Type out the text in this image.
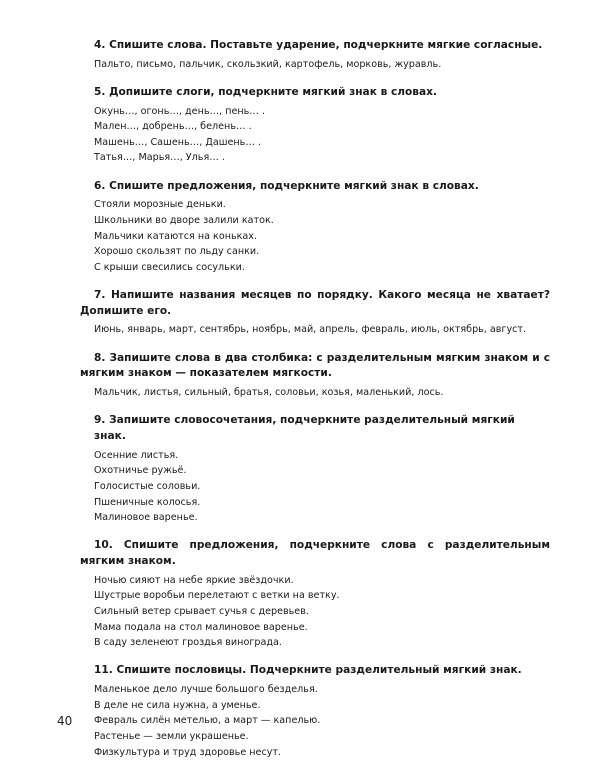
4. Спишите слова. Поставьте ударение, подчеркните мягкие согласные.
Пальто, письмо, пальчик, скользкий, картофель, морковь, журавль.
5. Допишите слоги, подчеркните мягкий знак в словах.
Окунь…, огонь…, день…, пень… .
Мален…, добрень…, белень… .
Машень…, Сашень…, Дашень… .
Татья…, Марья…, Улья… .
6. Спишите предложения, подчеркните мягкий знак в словах.
Стояли морозные деньки.
Школьники во дворе залили каток.
Мальчики катаются на коньках.
Хорошо скользят по льду санки.
С крыши свесились сосульки.
7. Напишите названия месяцев по порядку. Какого месяца не хватает? Допишите его.
Июнь, январь, март, сентябрь, ноябрь, май, апрель, февраль, июль, октябрь, август.
8. Запишите слова в два столбика: с разделительным мягким знаком и с мягким знаком — показателем мягкости.
Мальчик, листья, сильный, братья, соловьи, козья, маленький, лось.
9. Запишите словосочетания, подчеркните разделительный мягкий знак.
Осенние листья.
Охотничье ружьё.
Голосистые соловьи.
Пшеничные колосья.
Малиновое варенье.
10. Спишите предложения, подчеркните слова с разделительным мягким знаком.
Ночью сияют на небе яркие звёздочки.
Шустрые воробьи перелетают с ветки на ветку.
Сильный ветер срывает сучья с деревьев.
Мама подала на стол малиновое варенье.
В саду зеленеют гроздья винограда.
11. Спишите пословицы. Подчеркните разделительный мягкий знак.
Маленькое дело лучше большого безделья.
В деле не сила нужна, а уменье.
Февраль силён метелью, а март — капелью.
Растенье — земли украшенье.
Физкультура и труд здоровье несут.
40
